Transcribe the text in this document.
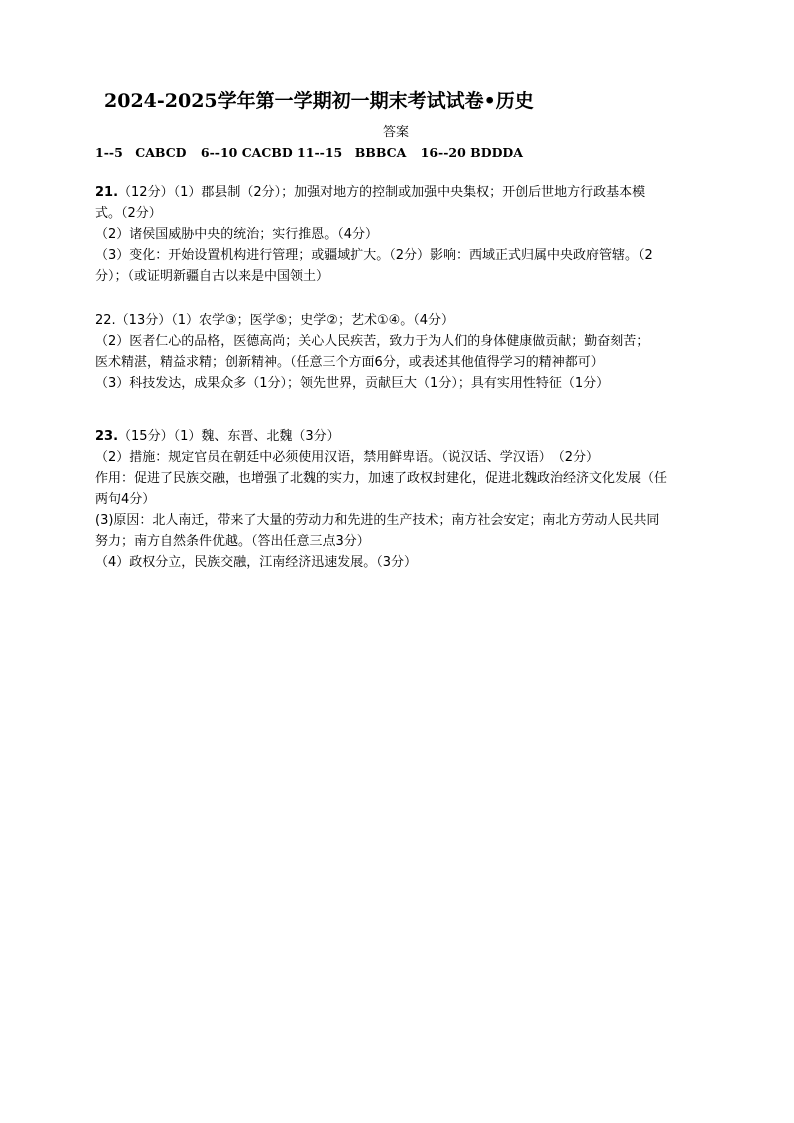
2024-2025学年第一学期初一期末考试试卷•历史
答案
1--5　CABCD 6--10 CACBD 11--15　BBBCA 16--20 BDDDA

21.（12分）（1）郡县制（2分）；加强对地方的控制或加强中央集权；开创后世地方行政基本模

式。（2分）

（2）诸侯国威胁中央的统治；实行推恩。（4分）

（3）变化：开始设置机构进行管理；或疆域扩大。（2分）影响：西域正式归属中央政府管辖。（2

分）；（或证明新疆自古以来是中国领土）

22.（13分）（1）农学③；医学⑤；史学②；艺术①④。（4分）

（2）医者仁心的品格，医德高尚；关心人民疾苦，致力于为人们的身体健康做贡献；勤奋刻苦；

医术精湛，精益求精；创新精神。（任意三个方面6分，或表述其他值得学习的精神都可）

（3）科技发达，成果众多（1分）；领先世界，贡献巨大（1分）；具有实用性特征（1分）

23.（15分）（1）魏、东晋、北魏（3分）

（2）措施：规定官员在朝廷中必须使用汉语，禁用鲜卑语。（说汉话、学汉语）　（2分）

作用：促进了民族交融，也增强了北魏的实力，加速了政权封建化，促进北魏政治经济文化发展（任

两句4分）

(3)原因：北人南迁，带来了大量的劳动力和先进的生产技术；南方社会安定；南北方劳动人民共同

努力；南方自然条件优越。（答出任意三点3分）

（4）政权分立，民族交融，江南经济迅速发展。（3分）
